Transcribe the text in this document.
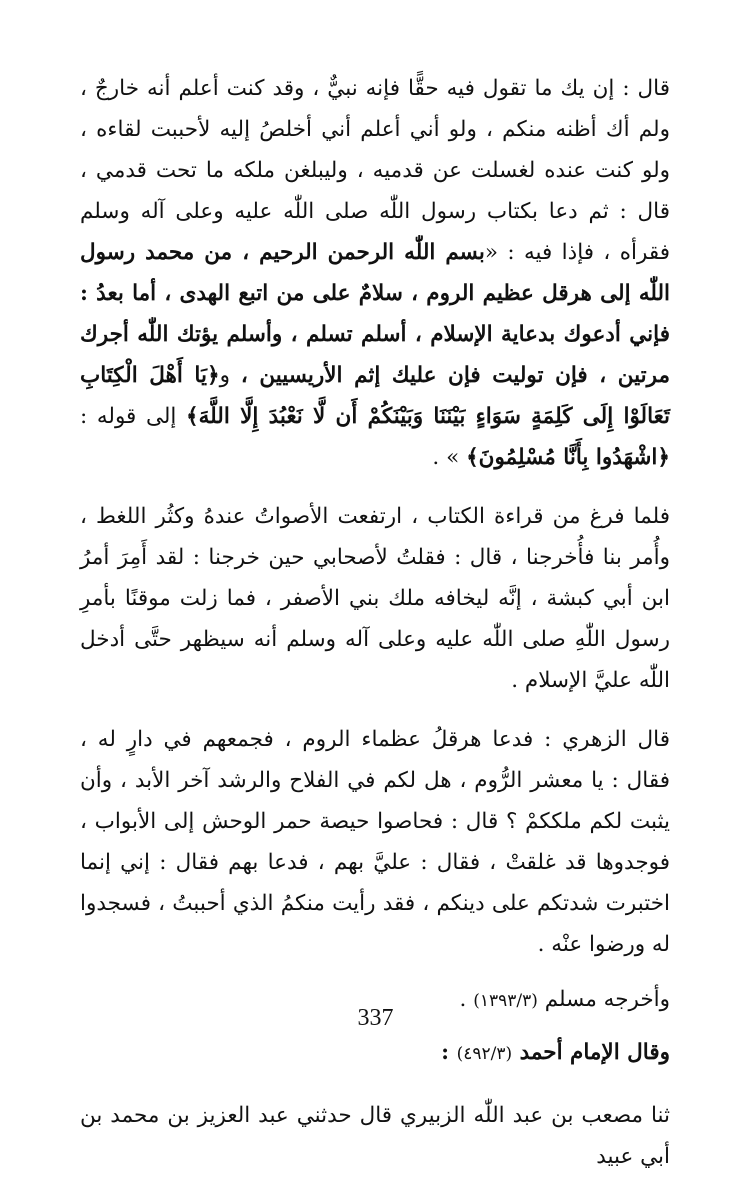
قال : إن يك ما تقول فيه حقًّا فإنه نبيٌّ ، وقد كنت أعلم أنه خارجٌ ، ولم أك أظنه منكم ، ولو أني أعلم أني أخلصُ إليه لأحببت لقاءه ، ولو كنت عنده لغسلت عن قدميه ، وليبلغن ملكه ما تحت قدمي ، قال : ثم دعا بكتاب رسول اللّٰه صلى اللّٰه عليه وعلى آله وسلم فقرأه ، فإذا فيه : «بسم اللّٰه الرحمن الرحيم ، من محمد رسول اللّٰه إلى هرقل عظيم الروم ، سلامٌ على من اتبع الهدى ، أما بعدُ : فإني أدعوك بدعاية الإسلام ، أسلم تسلم ، وأسلم يؤتك اللّٰه أجرك مرتين ، فإن توليت فإن عليك إثم الأريسيين ، و﴿يَا أَهْلَ الْكِتَابِ تَعَالَوْا إِلَى كَلِمَةٍ سَوَاءٍ بَيْنَنَا وَبَيْنَكُمْ أَن لَّا نَعْبُدَ إِلَّا اللَّهَ﴾ إلى قوله : ﴿اشْهَدُوا بِأَنَّا مُسْلِمُونَ﴾ » .

فلما فرغ من قراءة الكتاب ، ارتفعت الأصواتُ عندهُ وكثُر اللغط ، وأُمر بنا فأُخرجنا ، قال : فقلتُ لأصحابي حين خرجنا : لقد أَمِرَ أمرُ ابن أبي كبشة ، إنَّه ليخافه ملك بني الأصفر ، فما زلت موقنًا بأمرِ رسول اللّٰهِ صلى اللّٰه عليه وعلى آله وسلم أنه سيظهر حتَّى أدخل اللّٰه عليَّ الإسلام .

قال الزهري : فدعا هرقلُ عظماء الروم ، فجمعهم في دارٍ له ، فقال : يا معشر الرُّوم ، هل لكم في الفلاح والرشد آخر الأبد ، وأن يثبت لكم ملككمْ ؟ قال : فحاصوا حيصة حمر الوحش إلى الأبواب ، فوجدوها قد غلقتْ ، فقال : عليَّ بهم ، فدعا بهم فقال : إني إنما اختبرت شدتكم على دينكم ، فقد رأيت منكمُ الذي أحببتُ ، فسجدوا له ورضوا عنْه .

وأخرجه مسلم (١٣٩٣/٣) .

وقال الإمام أحمد (٤٩٢/٣) :

ثنا مصعب بن عبد اللّٰه الزبيري قال حدثني عبد العزيز بن محمد بن أبي عبيد

337
